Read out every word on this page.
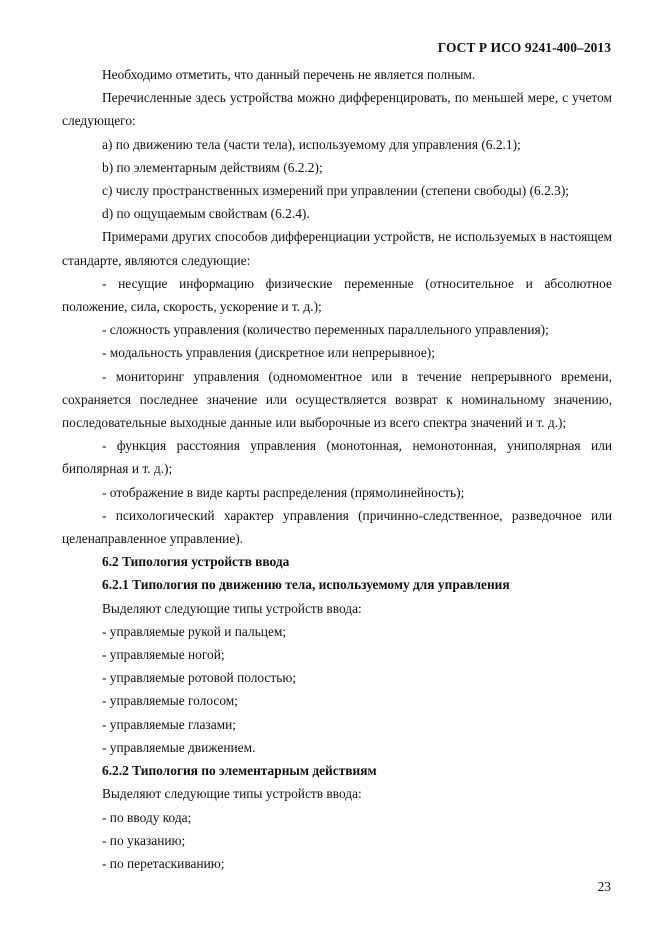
ГОСТ Р ИСО 9241-400–2013

Необходимо отметить, что данный перечень не является полным.

Перечисленные здесь устройства можно дифференцировать, по меньшей мере, с учетом следующего:

a) по движению тела (части тела), используемому для управления (6.2.1);

b) по элементарным действиям (6.2.2);

c) числу пространственных измерений при управлении (степени свободы) (6.2.3);

d) по ощущаемым свойствам (6.2.4).

Примерами других способов дифференциации устройств, не используемых в настоящем стандарте, являются следующие:

- несущие информацию физические переменные (относительное и абсолютное положение, сила, скорость, ускорение и т. д.);

- сложность управления (количество переменных параллельного управления);

- модальность управления (дискретное или непрерывное);

- мониторинг управления (одномоментное или в течение непрерывного времени, сохраняется последнее значение или осуществляется возврат к номинальному значению, последовательные выходные данные или выборочные из всего спектра значений и т. д.);

- функция расстояния управления (монотонная, немонотонная, униполярная или биполярная и т. д.);

- отображение в виде карты распределения (прямолинейность);

- психологический характер управления (причинно-следственное, разведочное или целенаправленное управление).

6.2 Типология устройств ввода

6.2.1 Типология по движению тела, используемому для управления

Выделяют следующие типы устройств ввода:

- управляемые рукой и пальцем;

- управляемые ногой;

- управляемые ротовой полостью;

- управляемые голосом;

- управляемые глазами;

- управляемые движением.

6.2.2 Типология по элементарным действиям

Выделяют следующие типы устройств ввода:

- по вводу кода;

- по указанию;

- по перетаскиванию;

23
